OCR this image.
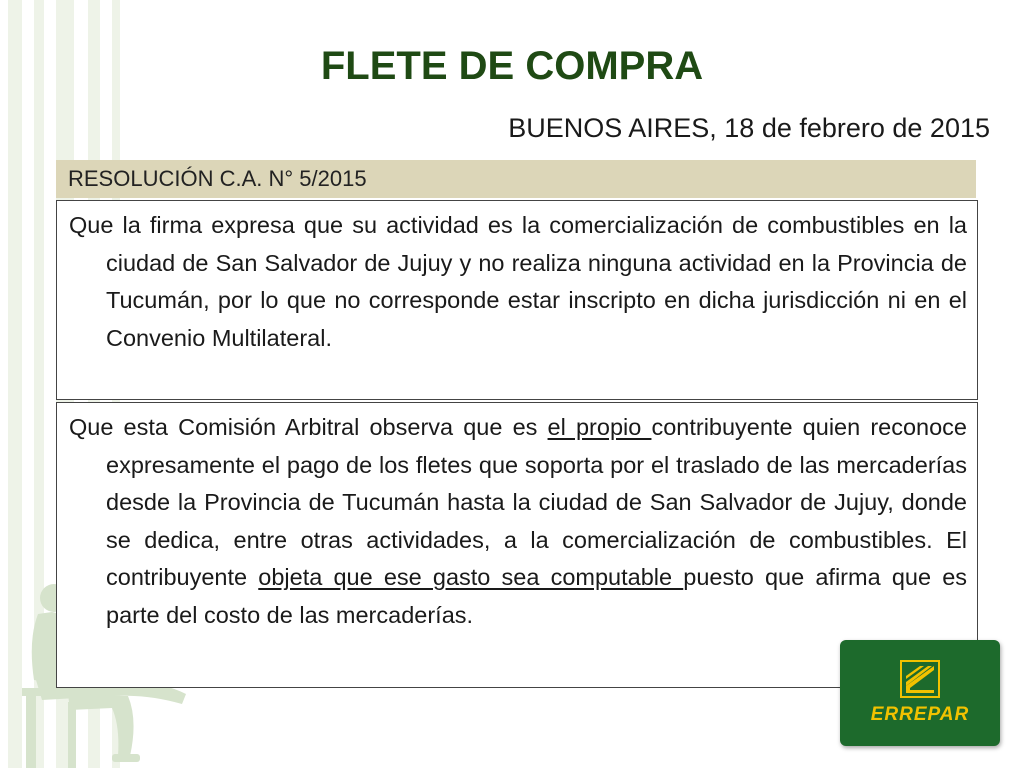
FLETE DE COMPRA
BUENOS AIRES, 18 de febrero de 2015
RESOLUCIÓN C.A. N° 5/2015

Que la firma expresa que su actividad es la comercialización de combustibles en la ciudad de San Salvador de Jujuy y no realiza ninguna actividad en la Provincia de Tucumán, por lo que no corresponde estar inscripto en dicha jurisdicción ni en el Convenio Multilateral.

Que esta Comisión Arbitral observa que es el propio contribuyente quien reconoce expresamente el pago de los fletes que soporta por el traslado de las mercaderías desde la Provincia de Tucumán hasta la ciudad de San Salvador de Jujuy, donde se dedica, entre otras actividades, a la comercialización de combustibles. El contribuyente objeta que ese gasto sea computable puesto que afirma que es parte del costo de las mercaderías.

ERREPAR
